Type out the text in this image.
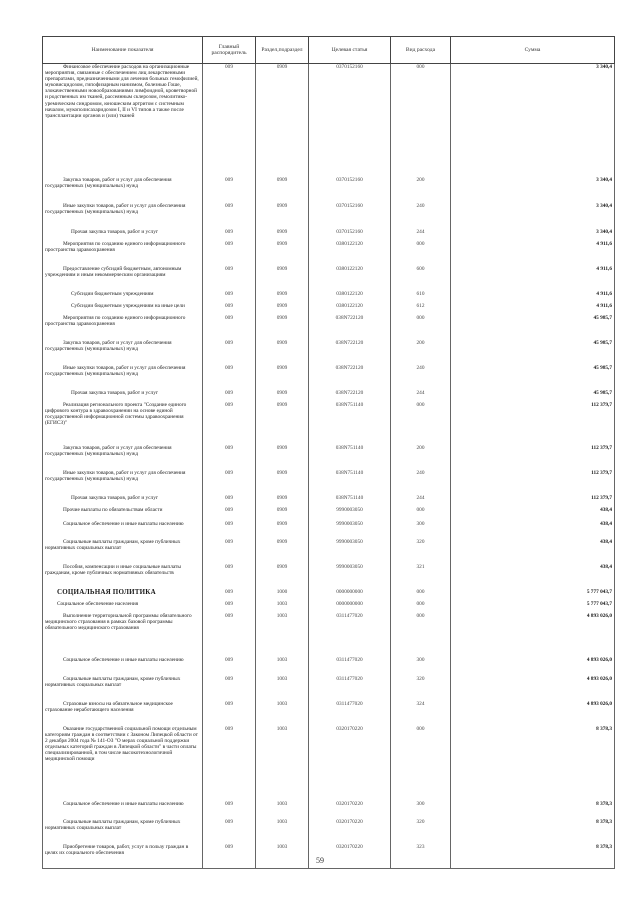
Наименование показателя	Главный распорядитель	Раздел,подраздел	Целевая статья	Вид расхода	Сумма
Финансовое обеспечение расходов на организационные мероприятия, связанные с обеспечением лиц лекарственными препаратами, предназначенными для лечения больных гемофилией, муковисцидозом, гипофизарным нанизмом, болезнью Гоше, злокачественными новообразованиями лимфоидной, кроветворной и родственных им тканей, рассеянным склерозом, гемолитико-уремическим синдромом, юношеским артритом с системным началом, мукополисахаридозом I, II и VI типов а также после трансплантации органов и (или) тканей	009	0909	0370152160	000	3 340,4
Закупка товаров, работ и услуг для обеспечения государственных (муниципальных) нужд	009	0909	0370152160	200	3 340,4
Иные закупки товаров, работ и услуг для обеспечения государственных (муниципальных) нужд	009	0909	0370152160	240	3 340,4
Прочая закупка товаров, работ и услуг	009	0909	0370152160	244	3 340,4
Мероприятия по созданию единого информационного пространства здравоохранения	009	0909	0380122120	000	4 911,6
Предоставление субсидий бюджетным, автономным учреждениям и иным некоммерческим организациям	009	0909	0380122120	600	4 911,6
Субсидии бюджетным учреждениям	009	0909	0380122120	610	4 911,6
Субсидии бюджетным учреждениям на иные цели	009	0909	0380122120	612	4 911,6
Мероприятия по созданию единого информационного пространства здравоохранения	009	0909	038N722120	000	45 985,7
Закупка товаров, работ и услуг для обеспечения государственных (муниципальных) нужд	009	0909	038N722120	200	45 985,7
Иные закупки товаров, работ и услуг для обеспечения государственных (муниципальных) нужд	009	0909	038N722120	240	45 985,7
Прочая закупка товаров, работ и услуг	009	0909	038N722120	244	45 985,7
Реализация регионального проекта "Создание единого цифрового контура в здравоохранении на основе единой государственной информационной системы здравоохранения (ЕГИСЗ)"	009	0909	038N751140	000	112 379,7
Закупка товаров, работ и услуг для обеспечения государственных (муниципальных) нужд	009	0909	038N751140	200	112 379,7
Иные закупки товаров, работ и услуг для обеспечения государственных (муниципальных) нужд	009	0909	038N751140	240	112 379,7
Прочая закупка товаров, работ и услуг	009	0909	038N751140	244	112 379,7
Прочие выплаты по обязательствам области	009	0909	9990003050	000	438,4
Социальное обеспечение и иные выплаты населению	009	0909	9990003050	300	438,4
Социальные выплаты гражданам, кроме публичных нормативных социальных выплат	009	0909	9990003050	320	438,4
Пособия, компенсации и иные социальные выплаты гражданам, кроме публичных нормативных обязательств	009	0909	9990003050	321	438,4
СОЦИАЛЬНАЯ ПОЛИТИКА	009	1000	0000000000	000	5 777 043,7
Социальное обеспечение населения	009	1003	0000000000	000	5 777 043,7
Выполнение территориальной программы обязательного медицинского страхования в рамках базовой программы обязательного медицинского страхования	009	1003	0311477020	000	4 893 026,0
Социальное обеспечение и иные выплаты населению	009	1003	0311477020	300	4 893 026,0
Социальные выплаты гражданам, кроме публичных нормативных социальных выплат	009	1003	0311477020	320	4 893 026,0
Страховые взносы на обязательное медицинское страхование неработающего населения	009	1003	0311477020	324	4 893 026,0
Оказание государственной социальной помощи отдельным категориям граждан в соответствии с Законом Липецкой области от 2 декабря 2004 года № 141-ОЗ "О мерах социальной поддержки отдельных категорий граждан в Липецкой области" в части оплаты специализированной, в том числе высокотехнологичной медицинской помощи	009	1003	0320170220	000	8 378,3
Социальное обеспечение и иные выплаты населению	009	1003	0320170220	300	8 378,3
Социальные выплаты гражданам, кроме публичных нормативных социальных выплат	009	1003	0320170220	320	8 378,3
Приобретение товаров, работ, услуг в пользу граждан в целях их социального обеспечения	009	1003	0320170220	323	8 378,3
59
